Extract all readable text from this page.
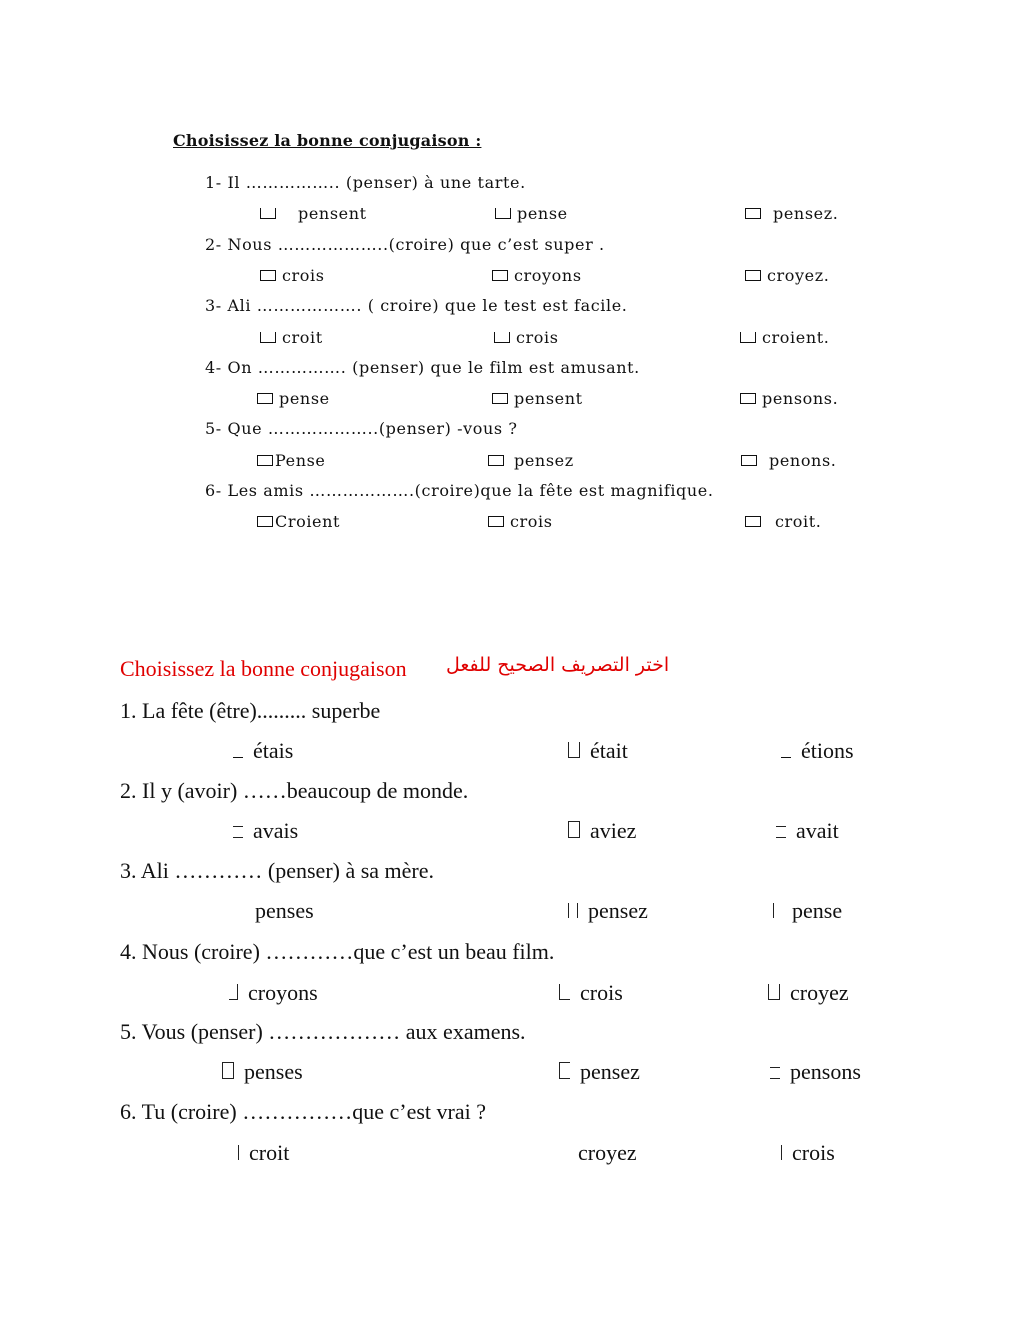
Choisissez la bonne conjugaison :
1- Il …………….. (penser) à une tarte.
pensent	pense	pensez.
2- Nous ………………..(croire) que c’est super .
crois	croyons	croyez.
3- Ali ………………. ( croire) que le test est facile.
croit	crois	croient.
4- On ……………. (penser) que le film est amusant.
pense	pensent	pensons.
5- Que ………………..(penser) -vous ?
Pense	pensez	penons.
6- Les amis ……………….(croire)que la fête est magnifique.
Croient	crois	croit.
Choisissez la bonne conjugaison اختر التصريف الصحيح للفعل
1. La fête (être)......... superbe
étais	était	étions
2. Il y (avoir) ……beaucoup de monde.
avais	aviez	avait
3. Ali ………… (penser) à sa mère.
penses	pensez	pense
4. Nous (croire) …………que c’est un beau film.
croyons	crois	croyez
5. Vous (penser) ……………… aux examens.
penses	pensez	pensons
6. Tu (croire) ……………que c’est vrai ?
croit	croyez	crois
